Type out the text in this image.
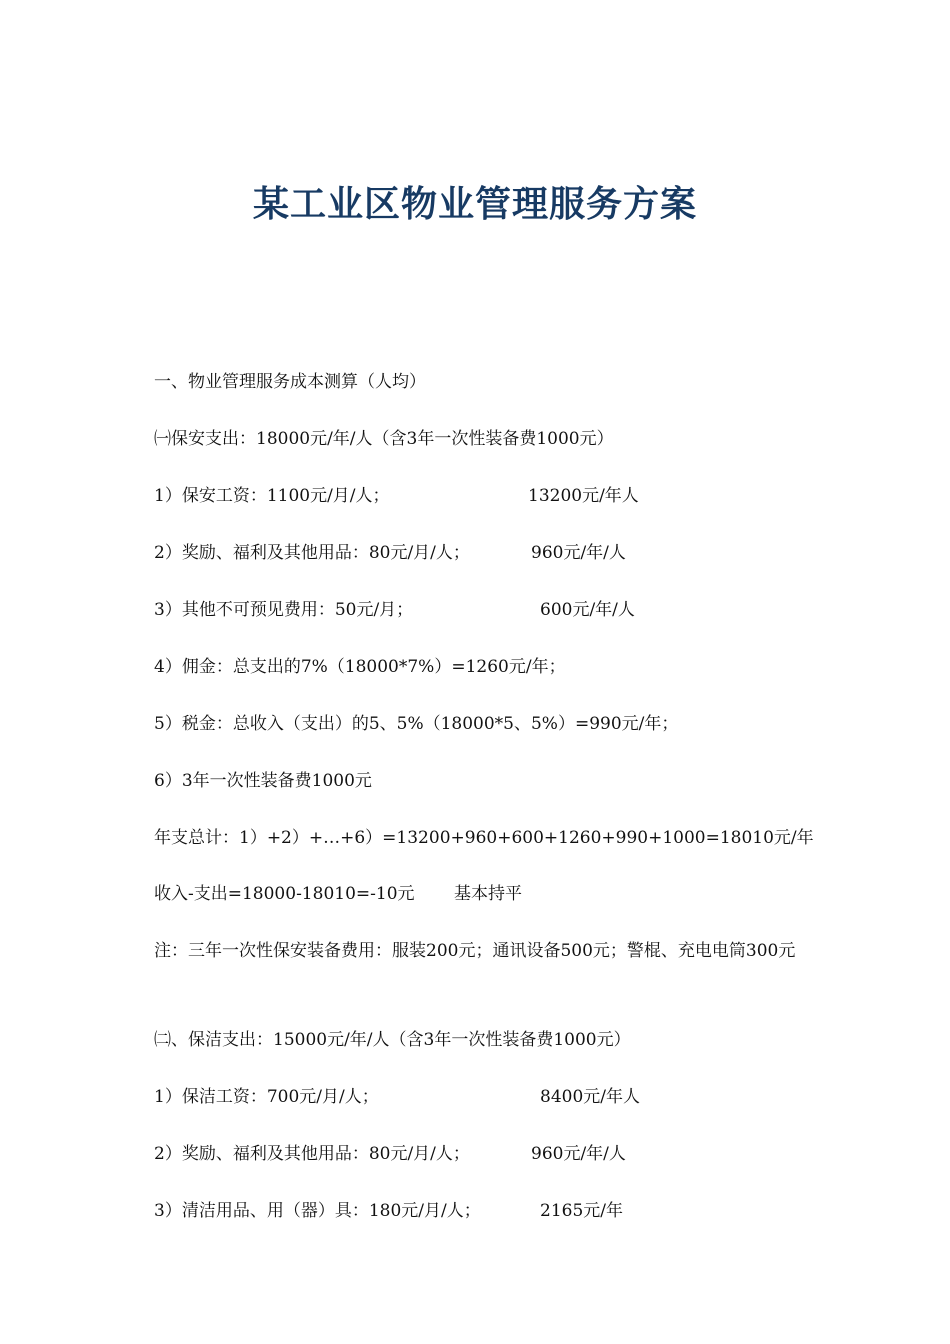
某工业区物业管理服务方案
一、物业管理服务成本测算（人均）
㈠保安支出：18000元/年/人（含3年一次性装备费1000元）
1）保安工资：1100元/月/人；	13200元/年人
2）奖励、福利及其他用品：80元/月/人；	960元/年/人
3）其他不可预见费用：50元/月；	600元/年/人
4）佣金：总支出的7%（18000*7%）=1260元/年；
5）税金：总收入（支出）的5、5%（18000*5、5%）=990元/年；
6）3年一次性装备费1000元
年支总计：1）+2）+…+6）=13200+960+600+1260+990+1000=18010元/年
收入-支出=18000-18010=-10元 基本持平
注：三年一次性保安装备费用：服装200元；通讯设备500元；警棍、充电电筒300元
㈡、保洁支出：15000元/年/人（含3年一次性装备费1000元）
1）保洁工资：700元/月/人；	8400元/年人
2）奖励、福利及其他用品：80元/月/人；	960元/年/人
3）清洁用品、用（器）具：180元/月/人；	2165元/年
